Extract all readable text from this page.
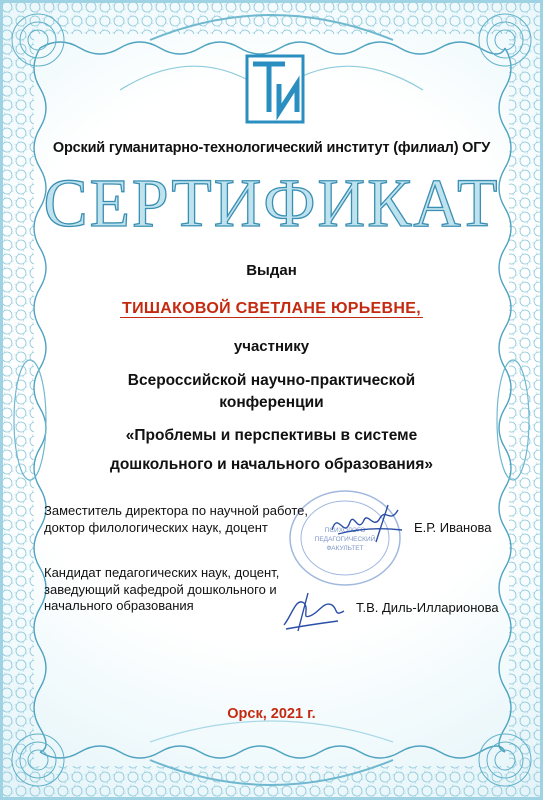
Орский гуманитарно-технологический институт (филиал) ОГУ
СЕРТИФИКАТ
Выдан
ТИШАКОВОЙ СВЕТЛАНЕ ЮРЬЕВНЕ,
участнику
Всероссийской научно-практической
конференции
«Проблемы и перспективы в системе
дошкольного и начального образования»
ПСИХОЛОГО
ПЕДАГОГИЧЕСКИЙ
ФАКУЛЬТЕТ
Заместитель директора по научной работе,
доктор филологических наук, доцент	Е.Р. Иванова
Кандидат педагогических наук, доцент,
заведующий кафедрой дошкольного и
начального образования	Т.В. Диль-Илларионова
Орск, 2021 г.
